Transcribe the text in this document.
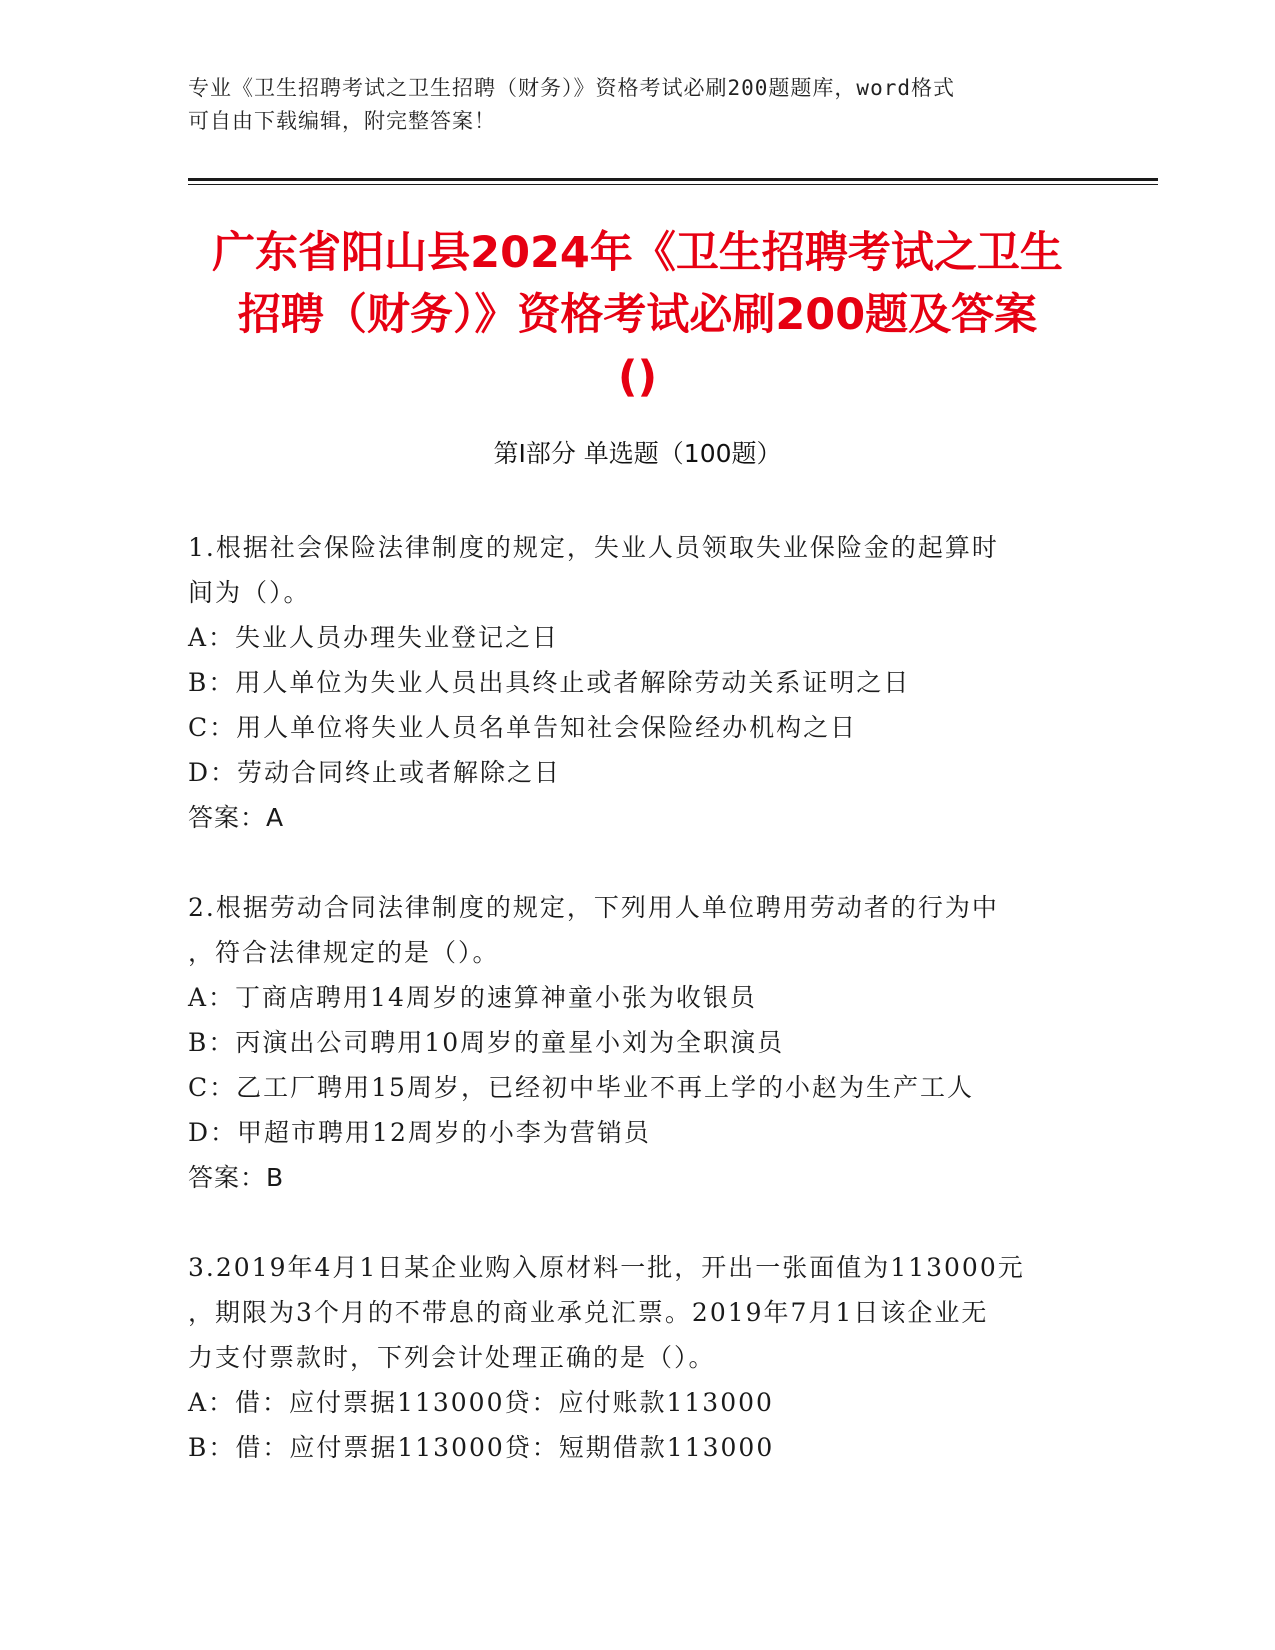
专业《卫生招聘考试之卫生招聘（财务）》资格考试必刷200题题库，word格式
可自由下载编辑，附完整答案！
广东省阳山县2024年《卫生招聘考试之卫生
招聘（财务）》资格考试必刷200题及答案
()
第I部分 单选题（100题）
1.根据社会保险法律制度的规定，失业人员领取失业保险金的起算时
间为（）。
A：失业人员办理失业登记之日
B：用人单位为失业人员出具终止或者解除劳动关系证明之日
C：用人单位将失业人员名单告知社会保险经办机构之日
D：劳动合同终止或者解除之日
答案：A
2.根据劳动合同法律制度的规定，下列用人单位聘用劳动者的行为中
，符合法律规定的是（）。
A：丁商店聘用14周岁的速算神童小张为收银员
B：丙演出公司聘用10周岁的童星小刘为全职演员
C：乙工厂聘用15周岁，已经初中毕业不再上学的小赵为生产工人
D：甲超市聘用12周岁的小李为营销员
答案：B
3.2019年4月1日某企业购入原材料一批，开出一张面值为113000元
，期限为3个月的不带息的商业承兑汇票。2019年7月1日该企业无
力支付票款时，下列会计处理正确的是（）。
A：借：应付票据113000贷：应付账款113000
B：借：应付票据113000贷：短期借款113000
